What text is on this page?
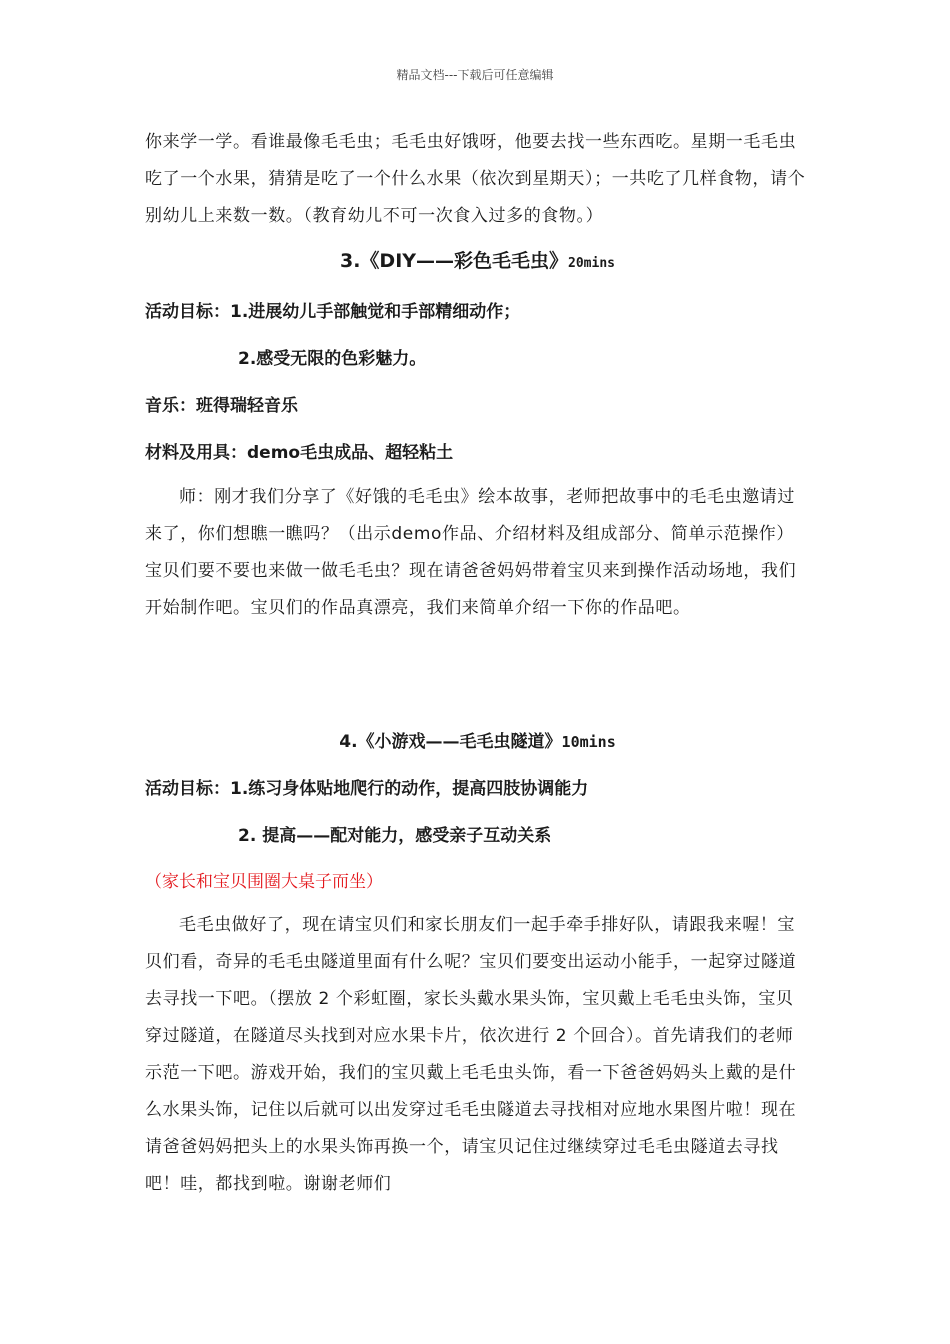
精品文档---下载后可任意编辑

你来学一学。看谁最像毛毛虫；毛毛虫好饿呀，他要去找一些东西吃。星期一毛毛虫吃了一个水果，猜猜是吃了一个什么水果（依次到星期天）；一共吃了几样食物，请个别幼儿上来数一数。（教育幼儿不可一次食入过多的食物。）

3.《DIY——彩色毛毛虫》20mins

活动目标：1.进展幼儿手部触觉和手部精细动作；

2.感受无限的色彩魅力。

音乐：班得瑞轻音乐

材料及用具：demo毛虫成品、超轻粘土

师：刚才我们分享了《好饿的毛毛虫》绘本故事，老师把故事中的毛毛虫邀请过来了，你们想瞧一瞧吗？（出示demo作品、介绍材料及组成部分、简单示范操作）宝贝们要不要也来做一做毛毛虫？现在请爸爸妈妈带着宝贝来到操作活动场地，我们开始制作吧。宝贝们的作品真漂亮，我们来简单介绍一下你的作品吧。

4.《小游戏——毛毛虫隧道》10mins

活动目标：1.练习身体贴地爬行的动作，提高四肢协调能力

2. 提高——配对能力，感受亲子互动关系

（家长和宝贝围圈大桌子而坐）

毛毛虫做好了，现在请宝贝们和家长朋友们一起手牵手排好队，请跟我来喔！宝贝们看，奇异的毛毛虫隧道里面有什么呢？宝贝们要变出运动小能手，一起穿过隧道去寻找一下吧。（摆放 2 个彩虹圈，家长头戴水果头饰，宝贝戴上毛毛虫头饰，宝贝穿过隧道，在隧道尽头找到对应水果卡片，依次进行 2 个回合）。首先请我们的老师示范一下吧。游戏开始，我们的宝贝戴上毛毛虫头饰，看一下爸爸妈妈头上戴的是什么水果头饰，记住以后就可以出发穿过毛毛虫隧道去寻找相对应地水果图片啦！现在请爸爸妈妈把头上的水果头饰再换一个，请宝贝记住过继续穿过毛毛虫隧道去寻找吧！哇，都找到啦。谢谢老师们
